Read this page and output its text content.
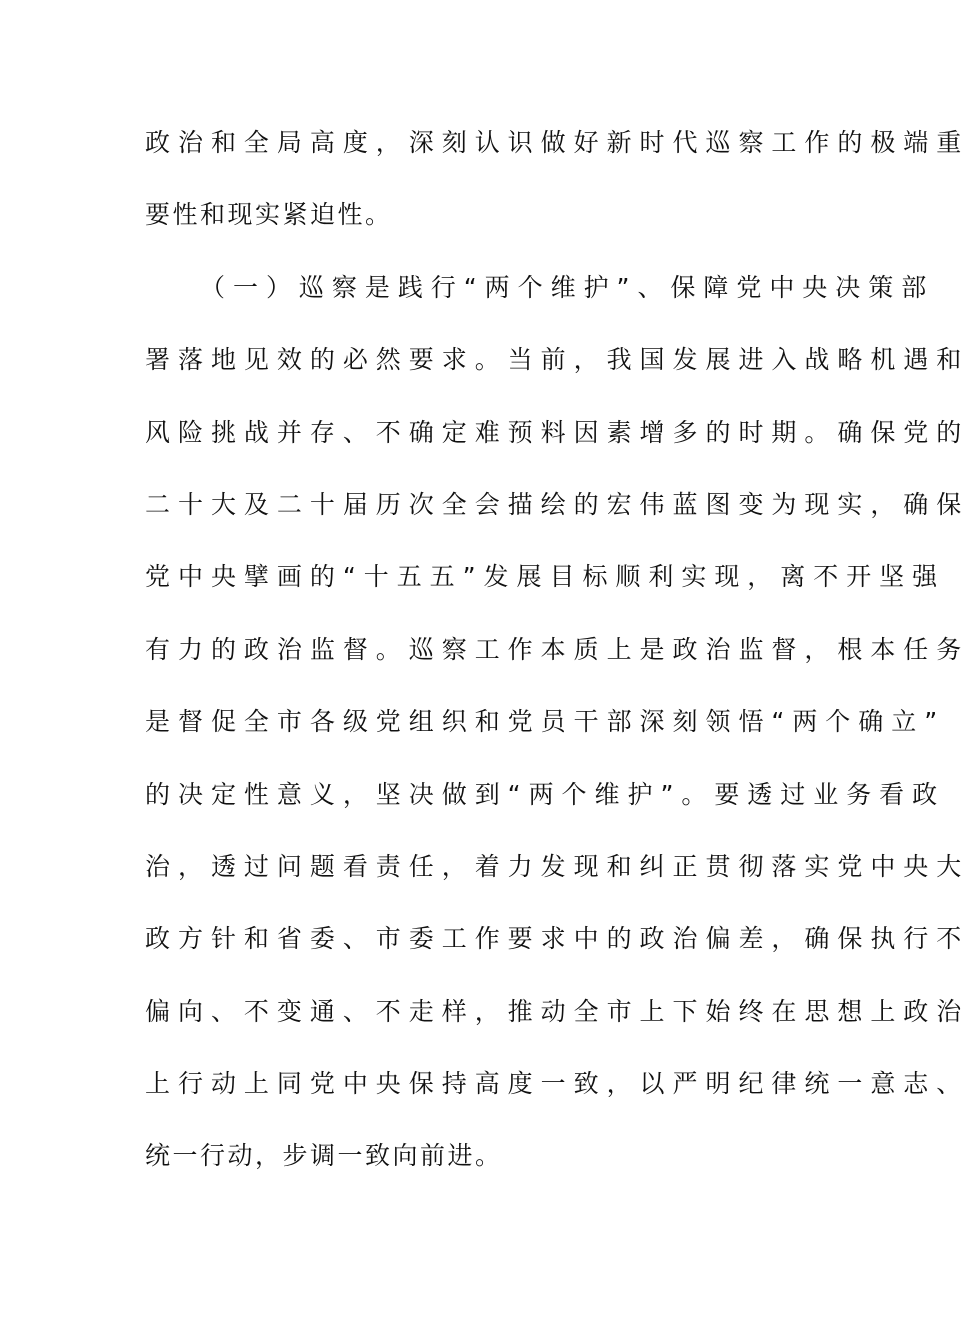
政 治 和 全 局 高 度 ， 深 刻 认 识 做 好 新 时 代 巡 察 工 作 的 极 端 重
要性和现实紧迫性。
（ 一 ） 巡 察 是 践 行 “ 两 个 维 护 ” 、 保 障 党 中 央 决 策 部
署 落 地 见 效 的 必 然 要 求 。 当 前 ， 我 国 发 展 进 入 战 略 机 遇 和
风 险 挑 战 并 存 、 不 确 定 难 预 料 因 素 增 多 的 时 期 。 确 保 党 的
二 十 大 及 二 十 届 历 次 全 会 描 绘 的 宏 伟 蓝 图 变 为 现 实 ， 确 保
党 中 央 擘 画 的 “ 十 五 五 ” 发 展 目 标 顺 利 实 现 ， 离 不 开 坚 强
有 力 的 政 治 监 督 。 巡 察 工 作 本 质 上 是 政 治 监 督 ， 根 本 任 务
是 督 促 全 市 各 级 党 组 织 和 党 员 干 部 深 刻 领 悟 “ 两 个 确 立 ”
的 决 定 性 意 义 ， 坚 决 做 到 “ 两 个 维 护 ” 。 要 透 过 业 务 看 政
治 ， 透 过 问 题 看 责 任 ， 着 力 发 现 和 纠 正 贯 彻 落 实 党 中 央 大
政 方 针 和 省 委 、 市 委 工 作 要 求 中 的 政 治 偏 差 ， 确 保 执 行 不
偏 向 、 不 变 通 、 不 走 样 ， 推 动 全 市 上 下 始 终 在 思 想 上 政 治
上 行 动 上 同 党 中 央 保 持 高 度 一 致 ， 以 严 明 纪 律 统 一 意 志 、
统一行动，步调一致向前进。
